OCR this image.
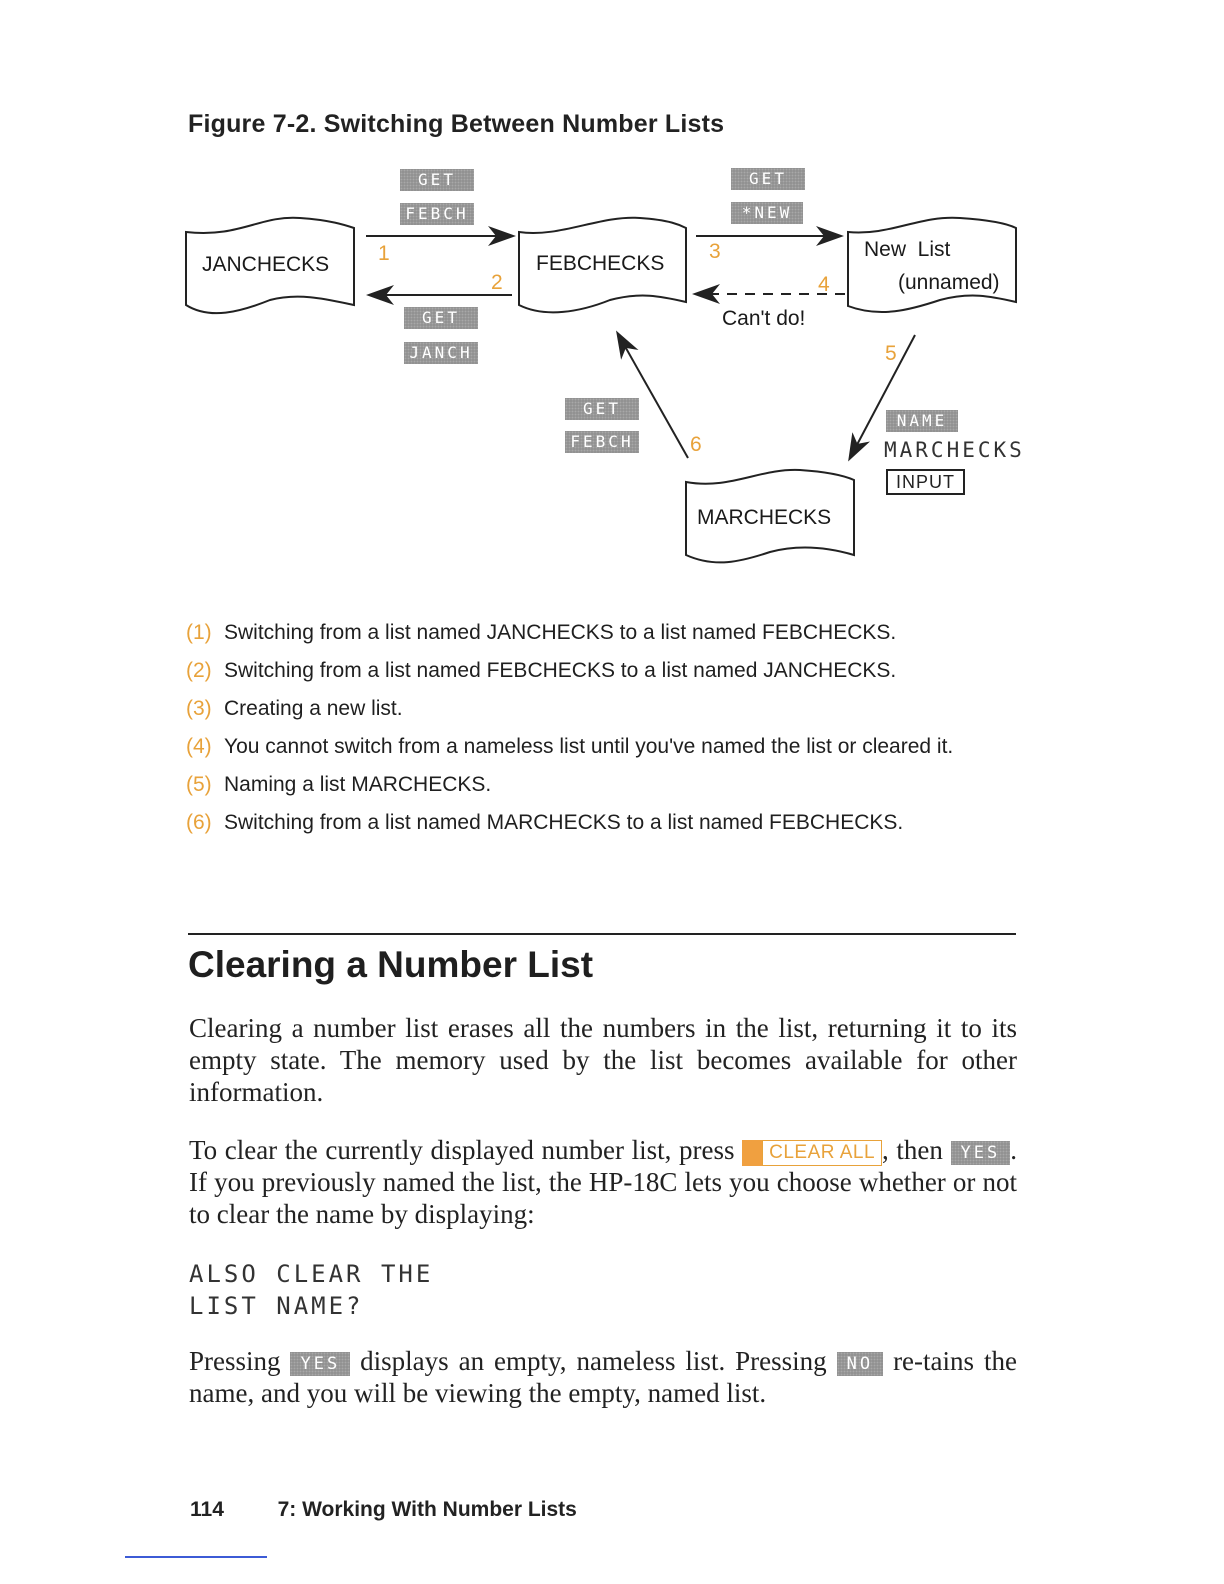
Figure 7-2. Switching Between Number Lists
JANCHECKS	FEBCHECKS
New  List
(unnamed)
MARCHECKS
Can't do!
GET
FEBCH
GET
*NEW
GET
JANCH
GET
FEBCH
NAME
MARCHECKS
INPUT
1
2
3
4
5
6
(1) Switching from a list named JANCHECKS to a list named FEBCHECKS.
(2) Switching from a list named FEBCHECKS to a list named JANCHECKS.
(3) Creating a new list.
(4) You cannot switch from a nameless list until you've named the list or cleared it.
(5) Naming a list MARCHECKS.
(6) Switching from a list named MARCHECKS to a list named FEBCHECKS.
Clearing a Number List
Clearing a number list erases all the numbers in the list, returning it to its empty state. The memory used by the list becomes available for other information.
To clear the currently displayed number list, press CLEAR ALL , then YES . If you previously named the list, the HP-18C lets you choose whether or not to clear the name by displaying:
ALSO CLEAR THE
LIST NAME?
Pressing YES displays an empty, nameless list. Pressing NO re-tains the name, and you will be viewing the empty, named list.
114	7: Working With Number Lists
